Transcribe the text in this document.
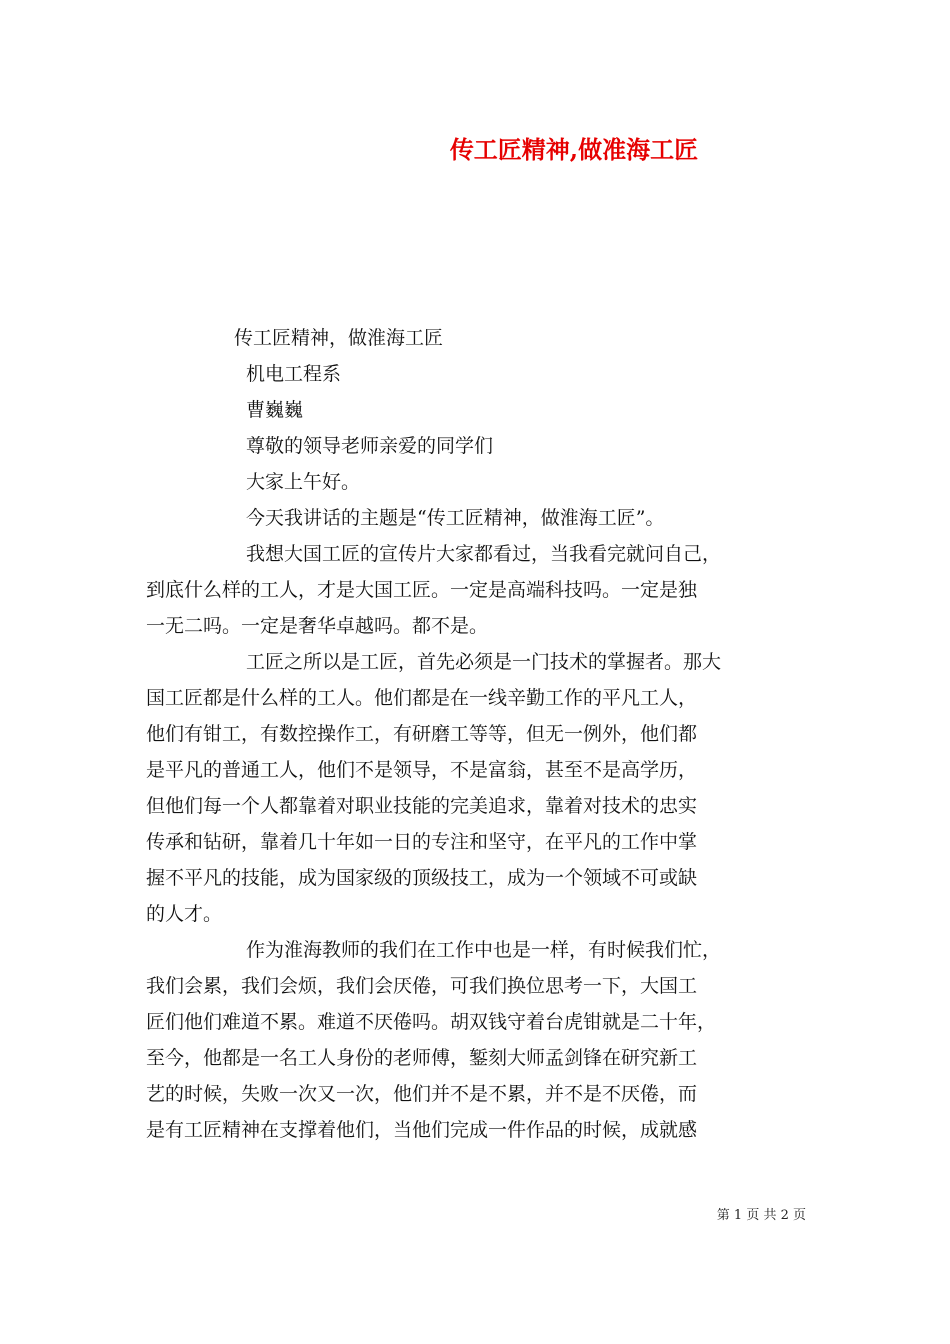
传工匠精神,做准海工匠
传工匠精神，做淮海工匠
机电工程系
曹巍巍
尊敬的领导老师亲爱的同学们
大家上午好。
今天我讲话的主题是“传工匠精神，做淮海工匠”。
我想大国工匠的宣传片大家都看过，当我看完就问自己，
到底什么样的工人，才是大国工匠。一定是高端科技吗。一定是独
一无二吗。一定是奢华卓越吗。都不是。
工匠之所以是工匠，首先必须是一门技术的掌握者。那大
国工匠都是什么样的工人。他们都是在一线辛勤工作的平凡工人，
他们有钳工，有数控操作工，有研磨工等等，但无一例外，他们都
是平凡的普通工人，他们不是领导，不是富翁，甚至不是高学历，
但他们每一个人都靠着对职业技能的完美追求，靠着对技术的忠实
传承和钻研，靠着几十年如一日的专注和坚守，在平凡的工作中掌
握不平凡的技能，成为国家级的顶级技工，成为一个领域不可或缺
的人才。
作为淮海教师的我们在工作中也是一样，有时候我们忙，
我们会累，我们会烦，我们会厌倦，可我们换位思考一下，大国工
匠们他们难道不累。难道不厌倦吗。胡双钱守着台虎钳就是二十年，
至今，他都是一名工人身份的老师傅，錾刻大师孟剑锋在研究新工
艺的时候，失败一次又一次，他们并不是不累，并不是不厌倦，而
是有工匠精神在支撑着他们，当他们完成一件作品的时候，成就感
第 1 页 共 2 页
